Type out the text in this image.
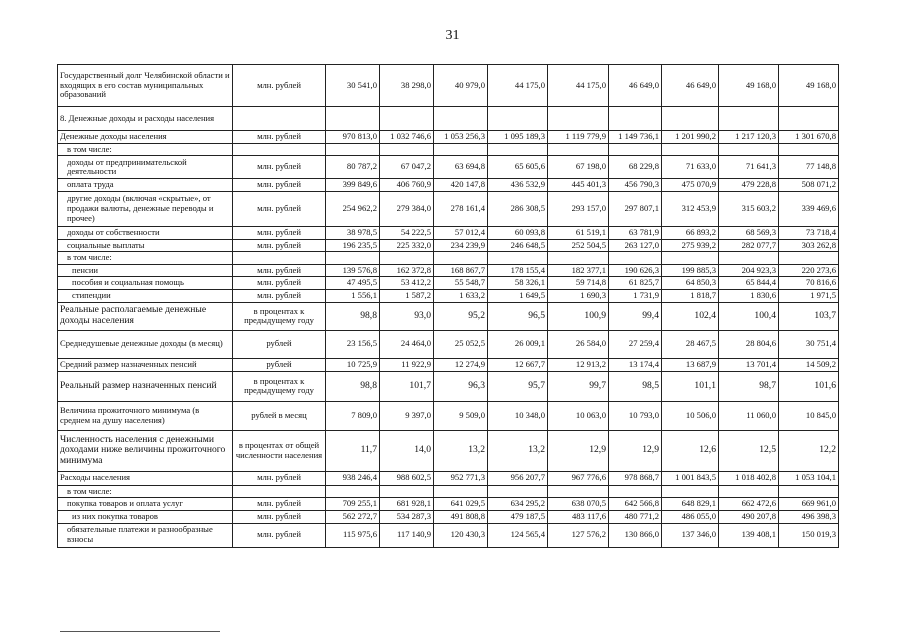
31
Государственный долг Челябинской области и входящих в его состав муниципальных образований	млн. рублей	30 541,0	38 298,0	40 979,0	44 175,0	44 175,0	46 649,0	46 649,0	49 168,0	49 168,0
8. Денежные доходы и расходы населения										
Денежные доходы населения	млн. рублей	970 813,0	1 032 746,6	1 053 256,3	1 095 189,3	1 119 779,9	1 149 736,1	1 201 990,2	1 217 120,3	1 301 670,8
в том числе:										
доходы от предпринимательской деятельности	млн. рублей	80 787,2	67 047,2	63 694,8	65 605,6	67 198,0	68 229,8	71 633,0	71 641,3	77 148,8
оплата труда	млн. рублей	399 849,6	406 760,9	420 147,8	436 532,9	445 401,3	456 790,3	475 070,9	479 228,8	508 071,2
другие доходы (включая «скрытые», от продажи валюты, денежные переводы и прочее)	млн. рублей	254 962,2	279 384,0	278 161,4	286 308,5	293 157,0	297 807,1	312 453,9	315 603,2	339 469,6
доходы от собственности	млн. рублей	38 978,5	54 222,5	57 012,4	60 093,8	61 519,1	63 781,9	66 893,2	68 569,3	73 718,4
социальные выплаты	млн. рублей	196 235,5	225 332,0	234 239,9	246 648,5	252 504,5	263 127,0	275 939,2	282 077,7	303 262,8
в том числе:										
пенсии	млн. рублей	139 576,8	162 372,8	168 867,7	178 155,4	182 377,1	190 626,3	199 885,3	204 923,3	220 273,6
пособия и социальная помощь	млн. рублей	47 495,5	53 412,2	55 548,7	58 326,1	59 714,8	61 825,7	64 850,3	65 844,4	70 816,6
стипендии	млн. рублей	1 556,1	1 587,2	1 633,2	1 649,5	1 690,3	1 731,9	1 818,7	1 830,6	1 971,5
Реальные располагаемые денежные доходы населения	в процентах к предыдущему году	98,8	93,0	95,2	96,5	100,9	99,4	102,4	100,4	103,7
Среднедушевые денежные доходы (в месяц)	рублей	23 156,5	24 464,0	25 052,5	26 009,1	26 584,0	27 259,4	28 467,5	28 804,6	30 751,4
Средний размер назначенных пенсий	рублей	10 725,9	11 922,9	12 274,9	12 667,7	12 913,2	13 174,4	13 687,9	13 701,4	14 509,2
Реальный размер назначенных пенсий	в процентах к предыдущему году	98,8	101,7	96,3	95,7	99,7	98,5	101,1	98,7	101,6
Величина прожиточного минимума (в среднем на душу населения)	рублей в месяц	7 809,0	9 397,0	9 509,0	10 348,0	10 063,0	10 793,0	10 506,0	11 060,0	10 845,0
Численность населения с денежными доходами ниже величины прожиточного минимума	в процентах от общей численности населения	11,7	14,0	13,2	13,2	12,9	12,9	12,6	12,5	12,2
Расходы населения	млн. рублей	938 246,4	988 602,5	952 771,3	956 207,7	967 776,6	978 868,7	1 001 843,5	1 018 402,8	1 053 104,1
в том числе:										
покупка товаров и оплата услуг	млн. рублей	709 255,1	681 928,1	641 029,5	634 295,2	638 070,5	642 566,8	648 829,1	662 472,6	669 961,0
из них покупка товаров	млн. рублей	562 272,7	534 287,3	491 808,8	479 187,5	483 117,6	480 771,2	486 055,0	490 207,8	496 398,3
обязательные платежи и разнообразные взносы	млн. рублей	115 975,6	117 140,9	120 430,3	124 565,4	127 576,2	130 866,0	137 346,0	139 408,1	150 019,3
